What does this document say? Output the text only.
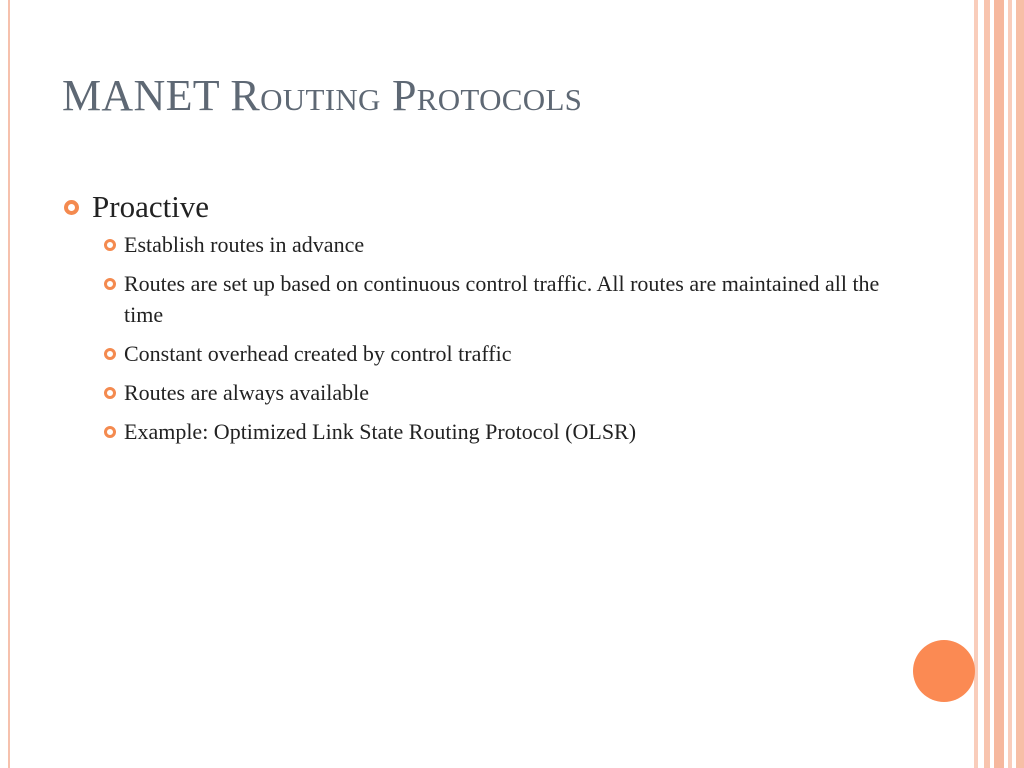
MANET Routing Protocols
Proactive
Establish routes in advance
Routes are set up based on continuous control traffic. All routes are maintained all the time
Constant overhead created by control traffic
Routes are always available
Example: Optimized Link State Routing Protocol (OLSR)
